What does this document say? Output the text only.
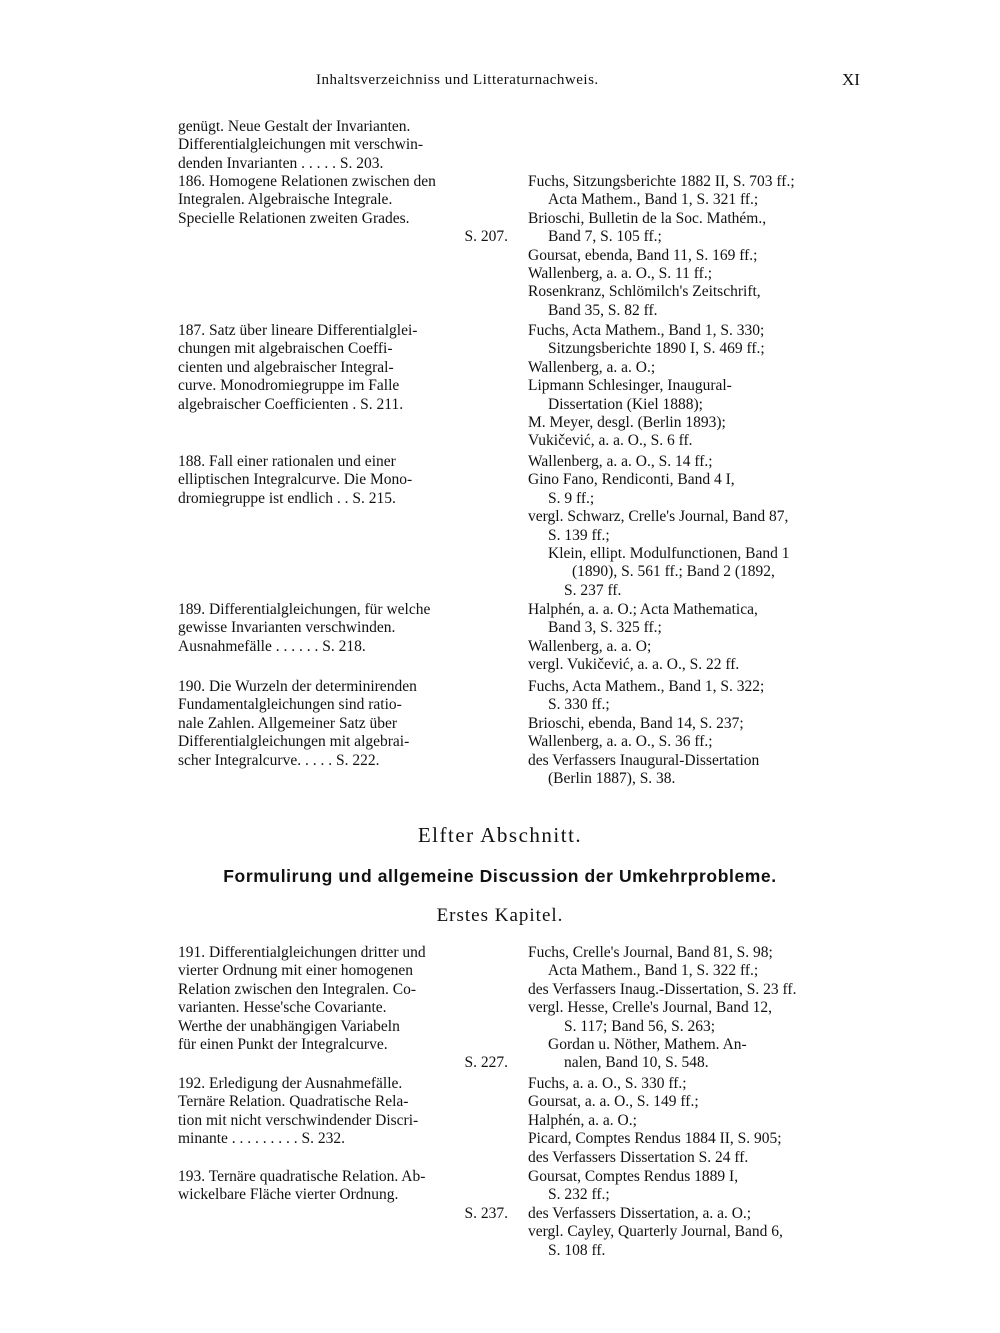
Inhaltsverzeichniss und Litteraturnachweis.	XI
genügt. Neue Gestalt der Invarianten.
Differentialgleichungen mit verschwin-
denden Invarianten . . . . . S. 203.
186. Homogene Relationen zwischen den
Integralen. Algebraische Integrale.
Specielle Relationen zweiten Grades.
S. 207.
Fuchs, Sitzungsberichte 1882 II, S. 703 ff.;
Acta Mathem., Band 1, S. 321 ff.;
Brioschi, Bulletin de la Soc. Mathém.,
Band 7, S. 105 ff.;
Goursat, ebenda, Band 11, S. 169 ff.;
Wallenberg, a. a. O., S. 11 ff.;
Rosenkranz, Schlömilch's Zeitschrift,
Band 35, S. 82 ff.
187. Satz über lineare Differentialglei-
chungen mit algebraischen Coeffi-
cienten und algebraischer Integral-
curve. Monodromiegruppe im Falle
algebraischer Coefficienten . S. 211.
Fuchs, Acta Mathem., Band 1, S. 330;
Sitzungsberichte 1890 I, S. 469 ff.;
Wallenberg, a. a. O.;
Lipmann Schlesinger, Inaugural-
Dissertation (Kiel 1888);
M. Meyer, desgl. (Berlin 1893);
Vukičević, a. a. O., S. 6 ff.
188. Fall einer rationalen und einer
elliptischen Integralcurve. Die Mono-
dromiegruppe ist endlich . . S. 215.
Wallenberg, a. a. O., S. 14 ff.;
Gino Fano, Rendiconti, Band 4 I,
S. 9 ff.;
vergl. Schwarz, Crelle's Journal, Band 87,
S. 139 ff.;
Klein, ellipt. Modulfunctionen, Band 1
(1890), S. 561 ff.; Band 2 (1892,
S. 237 ff.
189. Differentialgleichungen, für welche
gewisse Invarianten verschwinden.
Ausnahmefälle . . . . . . S. 218.
Halphén, a. a. O.; Acta Mathematica,
Band 3, S. 325 ff.;
Wallenberg, a. a. O;
vergl. Vukičević, a. a. O., S. 22 ff.
190. Die Wurzeln der determinirenden
Fundamentalgleichungen sind ratio-
nale Zahlen. Allgemeiner Satz über
Differentialgleichungen mit algebrai-
scher Integralcurve. . . . . S. 222.
Fuchs, Acta Mathem., Band 1, S. 322;
S. 330 ff.;
Brioschi, ebenda, Band 14, S. 237;
Wallenberg, a. a. O., S. 36 ff.;
des Verfassers Inaugural-Dissertation
(Berlin 1887), S. 38.
Elfter Abschnitt.
Formulirung und allgemeine Discussion der Umkehrprobleme.
Erstes Kapitel.
191. Differentialgleichungen dritter und
vierter Ordnung mit einer homogenen
Relation zwischen den Integralen. Co-
varianten. Hesse'sche Covariante.
Werthe der unabhängigen Variabeln
für einen Punkt der Integralcurve.
S. 227.
Fuchs, Crelle's Journal, Band 81, S. 98;
Acta Mathem., Band 1, S. 322 ff.;
des Verfassers Inaug.-Dissertation, S. 23 ff.
vergl. Hesse, Crelle's Journal, Band 12,
S. 117; Band 56, S. 263;
Gordan u. Nöther, Mathem. An-
nalen, Band 10, S. 548.
192. Erledigung der Ausnahmefälle.
Ternäre Relation. Quadratische Rela-
tion mit nicht verschwindender Discri-
minante . . . . . . . . . S. 232.
Fuchs, a. a. O., S. 330 ff.;
Goursat, a. a. O., S. 149 ff.;
Halphén, a. a. O.;
Picard, Comptes Rendus 1884 II, S. 905;
des Verfassers Dissertation S. 24 ff.
193. Ternäre quadratische Relation. Ab-
wickelbare Fläche vierter Ordnung.
S. 237.
Goursat, Comptes Rendus 1889 I,
S. 232 ff.;
des Verfassers Dissertation, a. a. O.;
vergl. Cayley, Quarterly Journal, Band 6,
S. 108 ff.
